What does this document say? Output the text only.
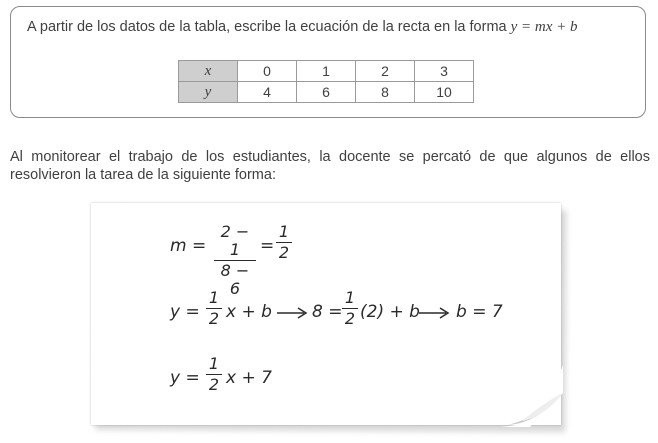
A partir de los datos de la tabla, escribe la ecuación de la recta en la forma y = mx + b
x	0	1	2	3
y	4	6	8	10
Al monitorear el trabajo de los estudiantes, la docente se percató de que algunos de ellos resolvieron la tarea de la siguiente forma:
m =
2 − 1
8 − 6
=
1
2
y =
1
2 x + b 8 =
1
2 (2) + b b = 7
y =
1
2 x + 7
